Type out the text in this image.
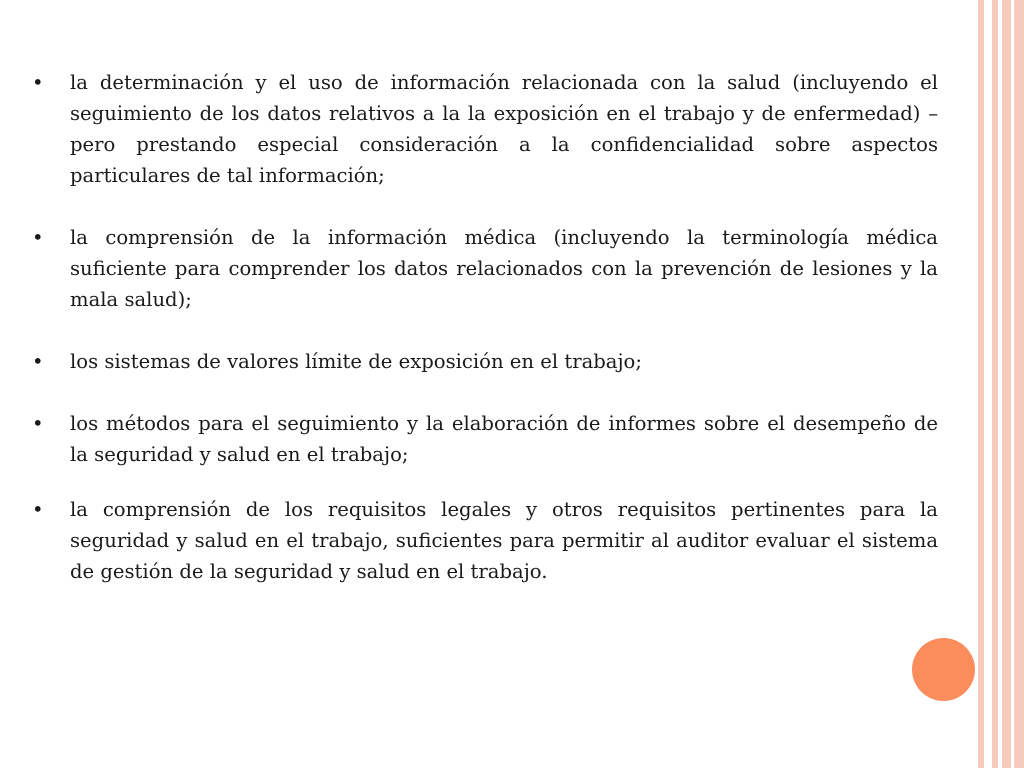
•	la determinación y el uso de información relacionada con la salud (incluyendo el seguimiento de los datos relativos a la la exposición en el trabajo y de enfermedad) – pero prestando especial consideración a la confidencialidad sobre aspectos particulares de tal información;
•	la comprensión de la información médica (incluyendo la terminología médica suficiente para comprender los datos relacionados con la prevención de lesiones y la mala salud);
•	los sistemas de valores límite de exposición en el trabajo;
•	los métodos para el seguimiento y la elaboración de informes sobre el desempeño de la seguridad y salud en el trabajo;
•	la comprensión de los requisitos legales y otros requisitos pertinentes para la seguridad y salud en el trabajo, suficientes para permitir al auditor evaluar el sistema de gestión de la seguridad y salud en el trabajo.
